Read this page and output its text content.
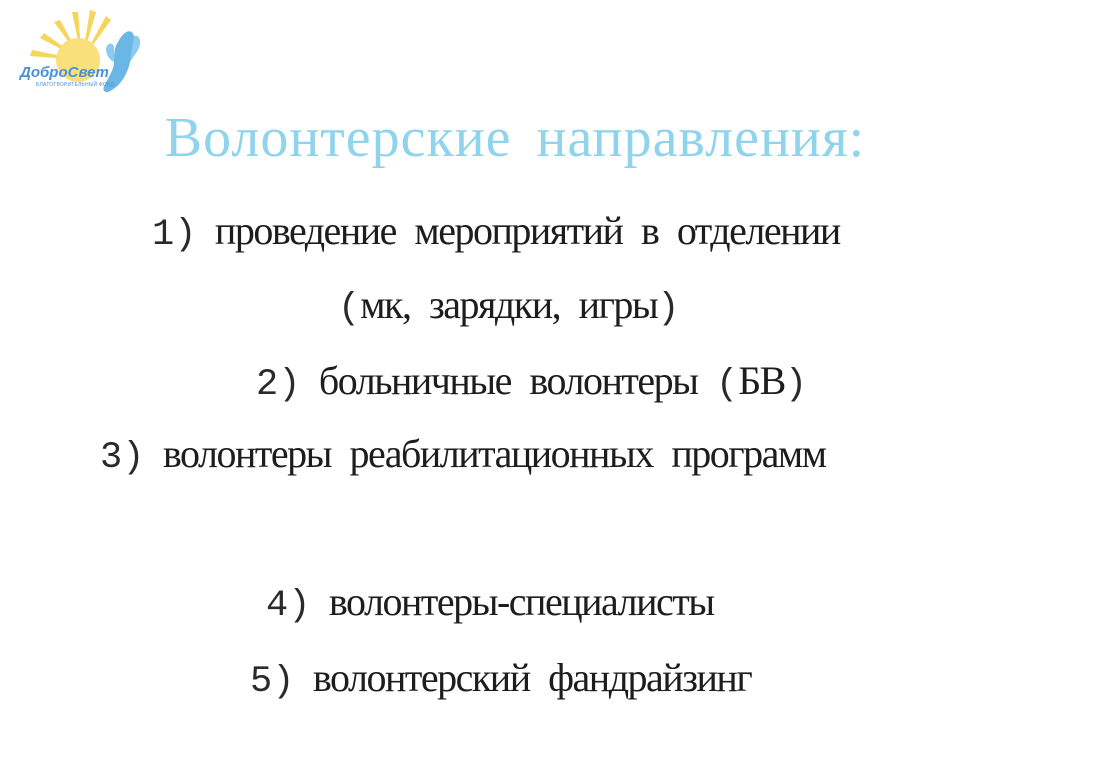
ДоброСвет
БЛАГОТВОРИТЕЛЬНЫЙ ФОНД
Волонтерские направления:
1) проведение мероприятий в отделении
(мк, зарядки, игры)
2) больничные волонтеры (БВ)
3) волонтеры реабилитационных программ
4) волонтеры-специалисты
5) волонтерский фандрайзинг
